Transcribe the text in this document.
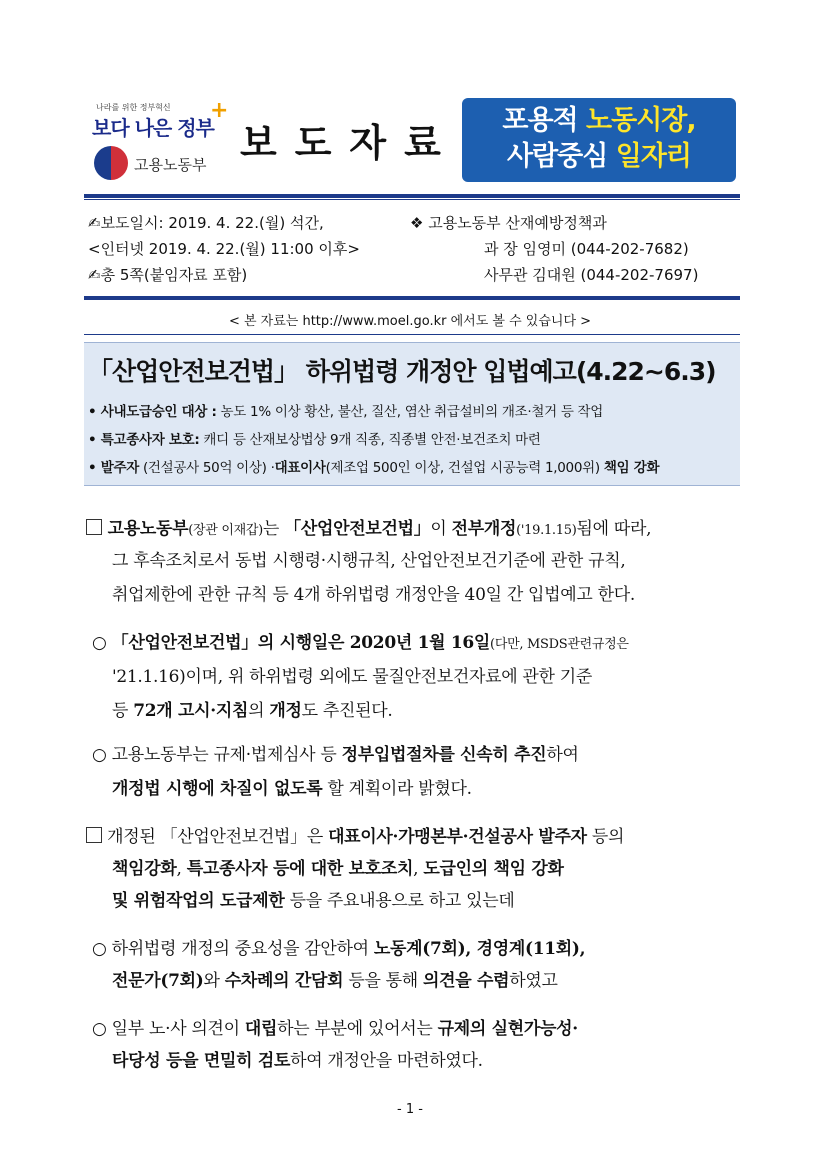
나라를 위한 정부혁신
보다 나은 정부
+
고용노동부 보도자료	포용적 노동시장,
사람중심 일자리
✍보도일시: 2019. 4. 22.(월) 석간,
<인터넷 2019. 4. 22.(월) 11:00 이후>
✍총 5쪽(붙임자료 포함)
❖ 고용노동부 산재예방정책과
과 장 임영미 (044-202-7682)
사무관 김대원 (044-202-7697)
< 본 자료는 http://www.moel.go.kr 에서도 볼 수 있습니다 >
「산업안전보건법」 하위법령 개정안 입법예고(4.22~6.3)
• 사내도급승인 대상 : 농도 1% 이상 황산, 불산, 질산, 염산 취급설비의 개조·철거 등 작업
• 특고종사자 보호: 캐디 등 산재보상법상 9개 직종, 직종별 안전·보건조치 마련
• 발주자 (건설공사 50억 이상) ·대표이사(제조업 500인 이상, 건설업 시공능력 1,000위) 책임 강화
고용노동부(장관 이재갑)는 「산업안전보건법」이 전부개정('19.1.15)됨에 따라,
그 후속조치로서 동법 시행령·시행규칙, 산업안전보건기준에 관한 규칙,
취업제한에 관한 규칙 등 4개 하위법령 개정안을 40일 간 입법예고 한다.
○ 「산업안전보건법」의 시행일은 2020년 1월 16일(다만, MSDS관련규정은
'21.1.16)이며, 위 하위법령 외에도 물질안전보건자료에 관한 기준
등 72개 고시·지침의 개정도 추진된다.
○ 고용노동부는 규제·법제심사 등 정부입법절차를 신속히 추진하여
개정법 시행에 차질이 없도록 할 계획이라 밝혔다.
개정된 「산업안전보건법」은 대표이사·가맹본부·건설공사 발주자 등의
책임강화, 특고종사자 등에 대한 보호조치, 도급인의 책임 강화
및 위험작업의 도급제한 등을 주요내용으로 하고 있는데
○ 하위법령 개정의 중요성을 감안하여 노동계(7회), 경영계(11회),
전문가(7회)와 수차례의 간담회 등을 통해 의견을 수렴하였고
○ 일부 노·사 의견이 대립하는 부분에 있어서는 규제의 실현가능성·
타당성 등을 면밀히 검토하여 개정안을 마련하였다.
- 1 -
